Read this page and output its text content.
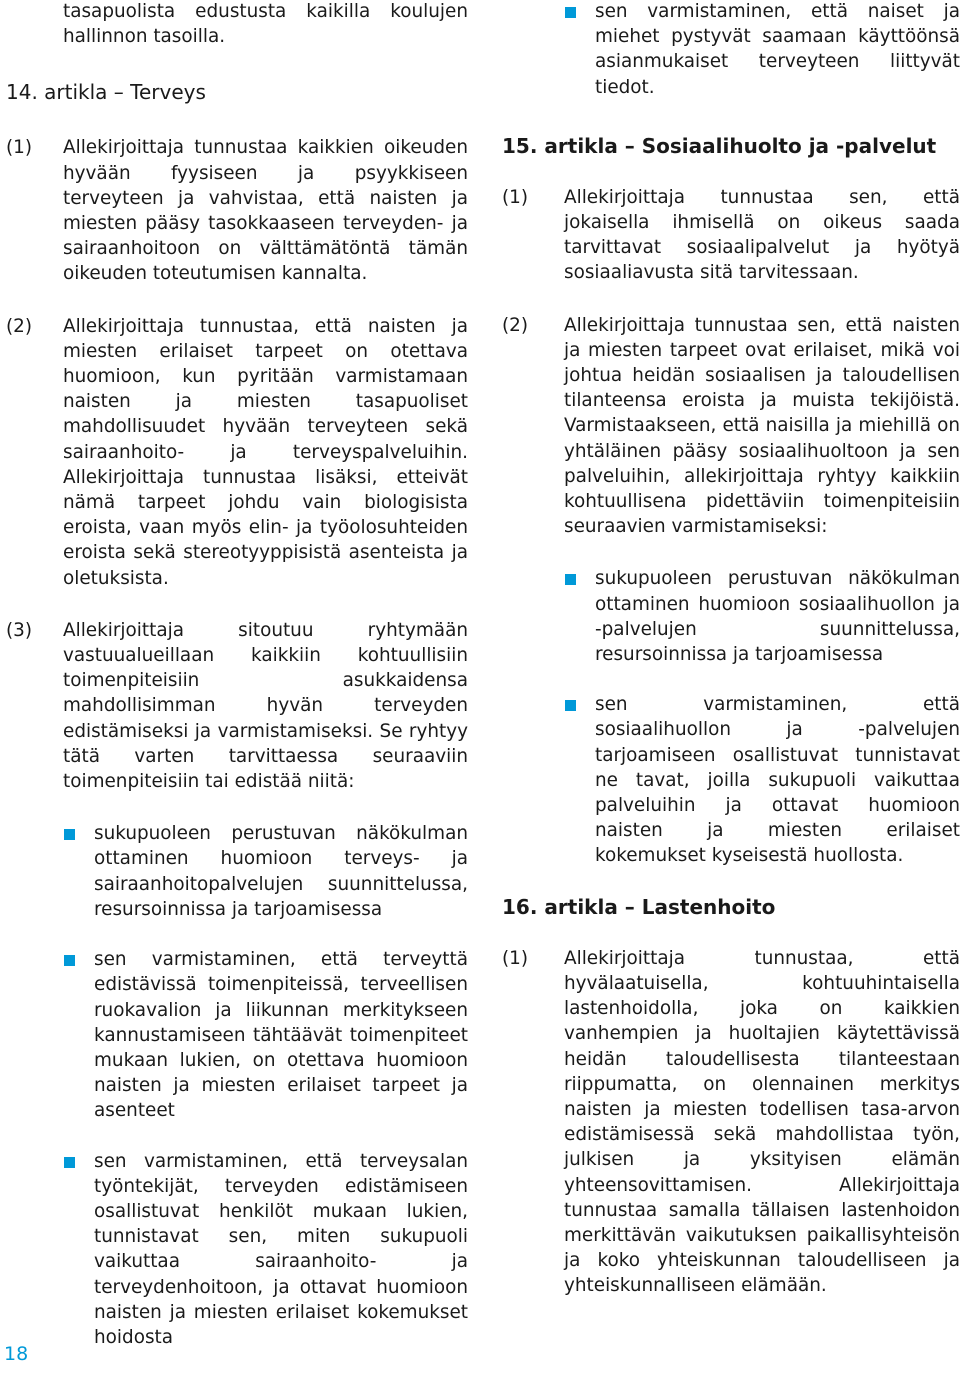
tasapuolista edustusta kaikilla koulujen hallinnon tasoilla.

14. artikla – Terveys

(1) Allekirjoittaja tunnustaa kaikkien oikeuden hyvään fyysiseen ja psyykkiseen terveyteen ja vahvistaa, että naisten ja miesten pääsy tasokkaaseen terveyden- ja sairaanhoitoon on välttämätöntä tämän oikeuden toteutumisen kannalta.

(2) Allekirjoittaja tunnustaa, että naisten ja miesten erilaiset tarpeet on otettava huomioon, kun pyritään varmistamaan naisten ja miesten tasapuoliset mahdollisuudet hyvään terveyteen sekä sairaanhoito- ja terveyspalveluihin. Allekirjoittaja tunnustaa lisäksi, etteivät nämä tarpeet johdu vain biologisista eroista, vaan myös elin- ja työolosuhteiden eroista sekä stereotyyppisistä asenteista ja oletuksista.

(3) Allekirjoittaja sitoutuu ryhtymään vastuualueillaan kaikkiin kohtuullisiin toimenpiteisiin asukkaidensa mahdollisimman hyvän terveyden edistämiseksi ja varmistamiseksi. Se ryhtyy tätä varten tarvittaessa seuraaviin toimenpiteisiin tai edistää niitä:

sukupuoleen perustuvan näkökulman ottaminen huomioon terveys- ja sairaanhoitopalvelujen suunnittelussa, resursoinnissa ja tarjoamisessa
sen varmistaminen, että terveyttä edistävissä toimenpiteissä, terveellisen ruokavalion ja liikunnan merkitykseen kannustamiseen tähtäävät toimenpiteet mukaan lukien, on otettava huomioon naisten ja miesten erilaiset tarpeet ja asenteet
sen varmistaminen, että terveysalan työntekijät, terveyden edistämiseen osallistuvat henkilöt mukaan lukien, tunnistavat sen, miten sukupuoli vaikuttaa sairaanhoito- ja terveydenhoitoon, ja ottavat huomioon naisten ja miesten erilaiset kokemukset hoidosta
sen varmistaminen, että naiset ja miehet pystyvät saamaan käyttöönsä asianmukaiset terveyteen liittyvät tiedot.
15. artikla – Sosiaalihuolto ja -palvelut

(1) Allekirjoittaja tunnustaa sen, että jokaisella ihmisellä on oikeus saada tarvittavat sosiaalipalvelut ja hyötyä sosiaaliavusta sitä tarvitessaan.

(2) Allekirjoittaja tunnustaa sen, että naisten ja miesten tarpeet ovat erilaiset, mikä voi johtua heidän sosiaalisen ja taloudellisen tilanteensa eroista ja muista tekijöistä. Varmistaakseen, että naisilla ja miehillä on yhtäläinen pääsy sosiaalihuoltoon ja sen palveluihin, allekirjoittaja ryhtyy kaikkiin kohtuullisena pidettäviin toimenpiteisiin seuraavien varmistamiseksi:

sukupuoleen perustuvan näkökulman ottaminen huomioon sosiaalihuollon ja -palvelujen suunnittelussa, resursoinnissa ja tarjoamisessa
sen varmistaminen, että sosiaalihuollon ja -palvelujen tarjoamiseen osallistuvat tunnistavat ne tavat, joilla sukupuoli vaikuttaa palveluihin ja ottavat huomioon naisten ja miesten erilaiset kokemukset kyseisestä huollosta.
16. artikla – Lastenhoito

(1) Allekirjoittaja tunnustaa, että hyvälaatuisella, kohtuuhintaisella lastenhoidolla, joka on kaikkien vanhempien ja huoltajien käytettävissä heidän taloudellisesta tilanteestaan riippumatta, on olennainen merkitys naisten ja miesten todellisen tasa-arvon edistämisessä sekä mahdollistaa työn, julkisen ja yksityisen elämän yhteensovittamisen. Allekirjoittaja tunnustaa samalla tällaisen lastenhoidon merkittävän vaikutuksen paikallisyhteisön ja koko yhteiskunnan taloudelliseen ja yhteiskunnalliseen elämään.

18
